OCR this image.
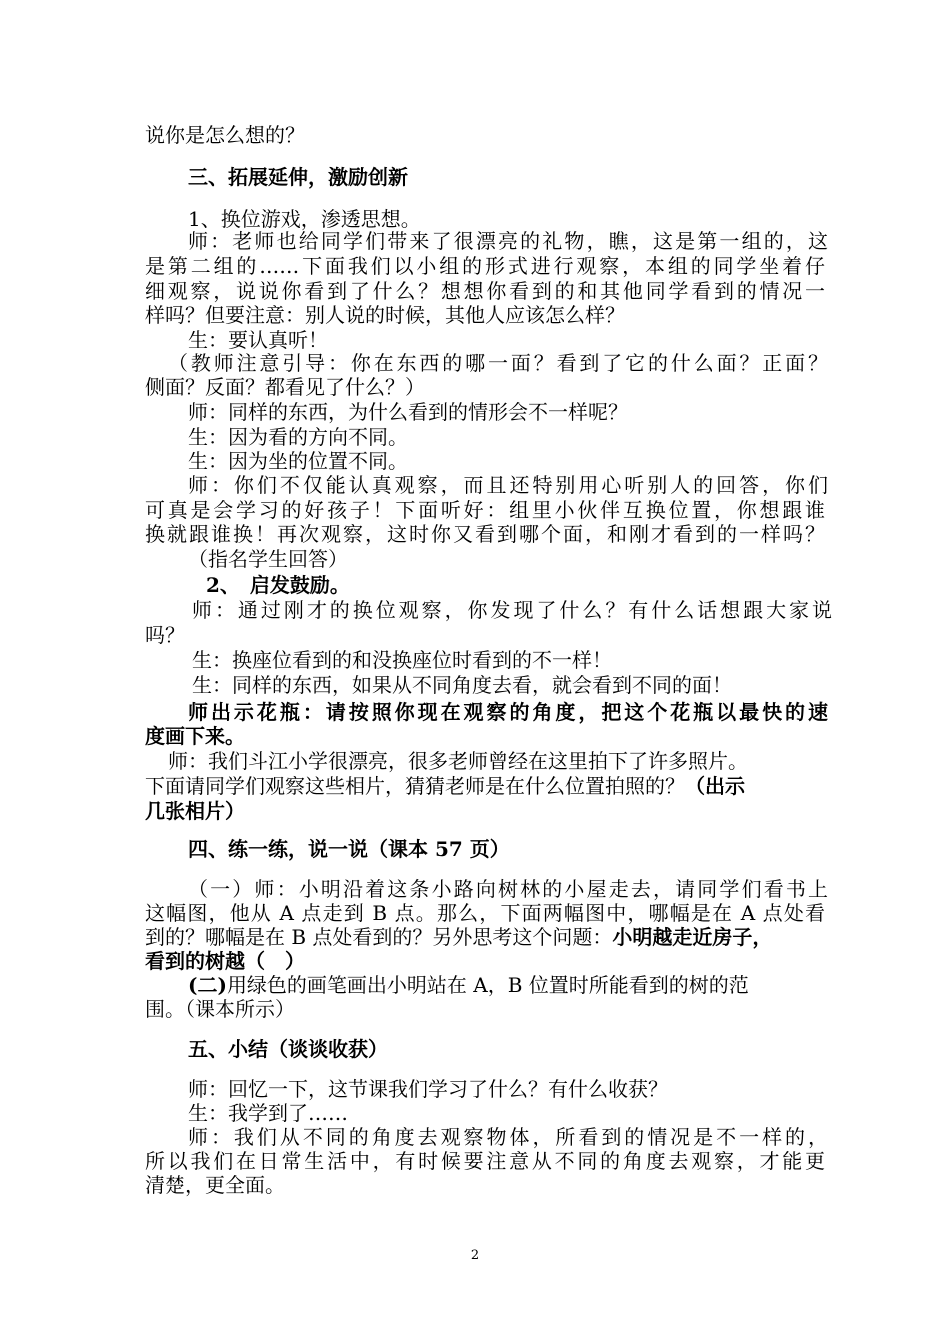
说你是怎么想的？
三、拓展延伸，激励创新
1、换位游戏，渗透思想。
师：老师也给同学们带来了很漂亮的礼物，瞧，这是第一组的，这
是第二组的……下面我们以小组的形式进行观察，本组的同学坐着仔
细观察，说说你看到了什么？想想你看到的和其他同学看到的情况一
样吗？但要注意：别人说的时候，其他人应该怎么样？
生：要认真听！
（教师注意引导：你在东西的哪一面？看到了它的什么面？正面？
侧面？反面？都看见了什么？）
师：同样的东西，为什么看到的情形会不一样呢？
生：因为看的方向不同。
生：因为坐的位置不同。
师：你们不仅能认真观察，而且还特别用心听别人的回答，你们
可真是会学习的好孩子！下面听好：组里小伙伴互换位置，你想跟谁
换就跟谁换！再次观察，这时你又看到哪个面，和刚才看到的一样吗？
（指名学生回答）
2、　启发鼓励。
师：通过刚才的换位观察，你发现了什么？有什么话想跟大家说
吗？
生：换座位看到的和没换座位时看到的不一样！
生：同样的东西，如果从不同角度去看，就会看到不同的面！
师出示花瓶：请按照你现在观察的角度，把这个花瓶以最快的速
度画下来。
师：我们斗江小学很漂亮，很多老师曾经在这里拍下了许多照片。
下面请同学们观察这些相片，猜猜老师是在什么位置拍照的？（出示
几张相片）
四、练一练，说一说（课本 57 页）
（一）师：小明沿着这条小路向树林的小屋走去，请同学们看书上
这幅图，他从 A 点走到 B 点。那么，下面两幅图中，哪幅是在 A 点处看
到的？哪幅是在 B 点处看到的？另外思考这个问题：小明越走近房子，
看到的树越（　）
(二)用绿色的画笔画出小明站在 A，B 位置时所能看到的树的范
围。（课本所示）
五、小结（谈谈收获）
师：回忆一下，这节课我们学习了什么？有什么收获？
生：我学到了……
师：我们从不同的角度去观察物体，所看到的情况是不一样的，
所以我们在日常生活中，有时候要注意从不同的角度去观察，才能更
清楚，更全面。
2
